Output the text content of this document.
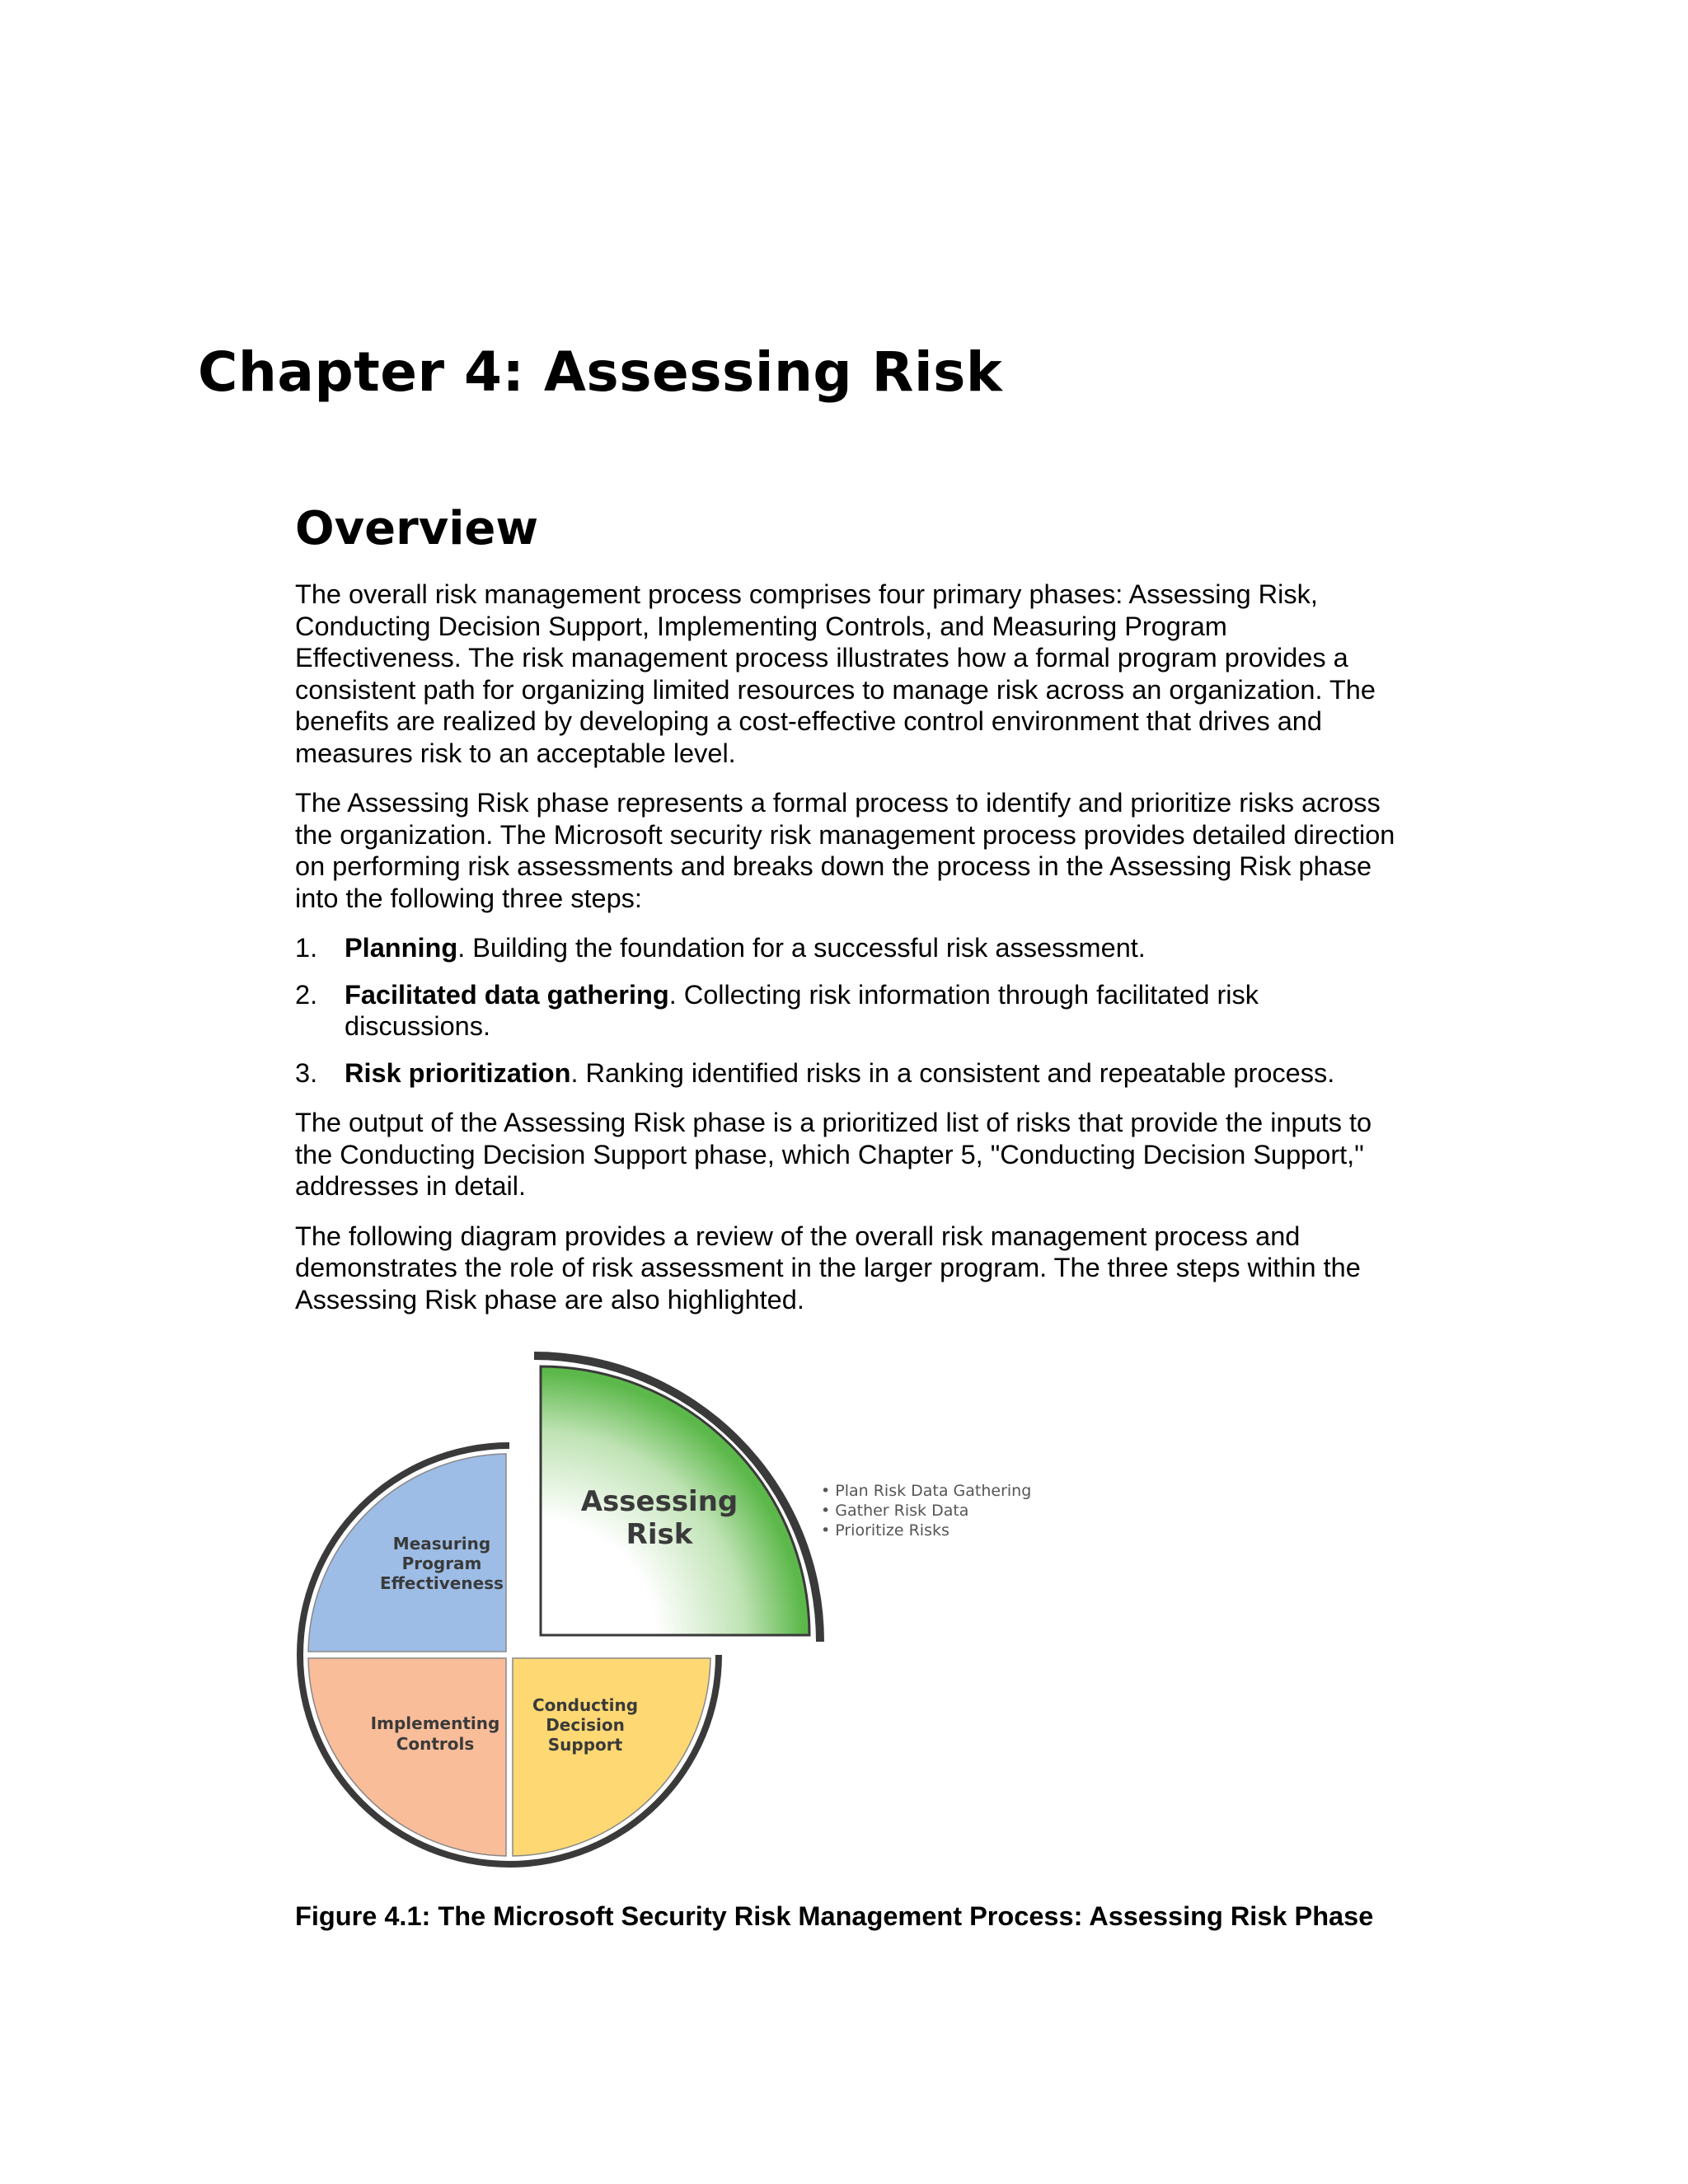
Chapter 4: Assessing Risk
Overview

The overall risk management process comprises four primary phases: Assessing Risk, Conducting Decision Support, Implementing Controls, and Measuring Program Effectiveness. The risk management process illustrates how a formal program provides a consistent path for organizing limited resources to manage risk across an organization. The benefits are realized by developing a cost-effective control environment that drives and measures risk to an acceptable level.

The Assessing Risk phase represents a formal process to identify and prioritize risks across the organization. The Microsoft security risk management process provides detailed direction on performing risk assessments and breaks down the process in the Assessing Risk phase into the following three steps:

1. Planning. Building the foundation for a successful risk assessment.
2. Facilitated data gathering. Collecting risk information through facilitated risk discussions.
3. Risk prioritization. Ranking identified risks in a consistent and repeatable process.

The output of the Assessing Risk phase is a prioritized list of risks that provide the inputs to the Conducting Decision Support phase, which Chapter 5, "Conducting Decision Support," addresses in detail.

The following diagram provides a review of the overall risk management process and demonstrates the role of risk assessment in the larger program. The three steps within the Assessing Risk phase are also highlighted.

Assessing
Risk
Measuring
Program
Effectiveness
Implementing
Controls
Conducting
Decision
Support
• Plan Risk Data Gathering
• Gather Risk Data
• Prioritize Risks

Figure 4.1: The Microsoft Security Risk Management Process: Assessing Risk Phase
